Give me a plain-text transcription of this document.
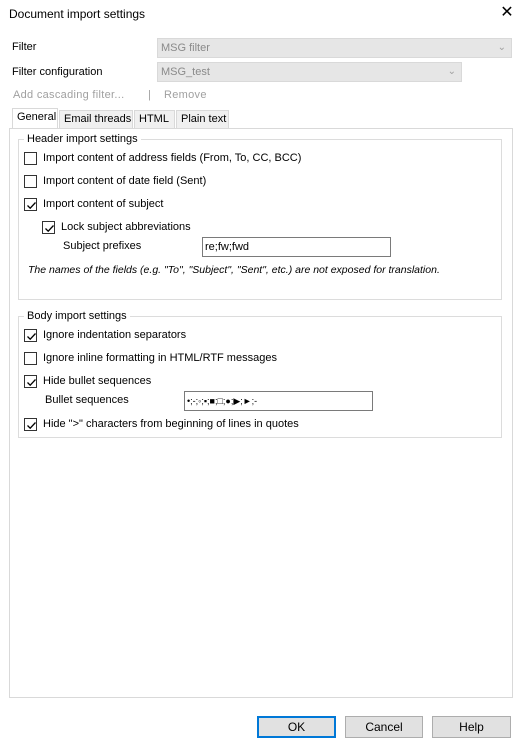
Document import settings	✕
Filter	MSG filter	⌄
Filter configuration	MSG_test	⌄
Add cascading filter... | Remove
General Email threads HTML	Plain text
Header import settings
Import content of address fields (From, To, CC, BCC)
Import content of date field (Sent)
Import content of subject
Lock subject abbreviations
Subject prefixes	re;fw;fwd
The names of the fields (e.g. "To", "Subject", "Sent", etc.) are not exposed for translation.
Body import settings
Ignore indentation separators
Ignore inline formatting in HTML/RTF messages
Hide bullet sequences
Bullet sequences	•;-;◦;▪;■;□;●;▶;►;-
Hide ">" characters from beginning of lines in quotes
OK	Cancel	Help
